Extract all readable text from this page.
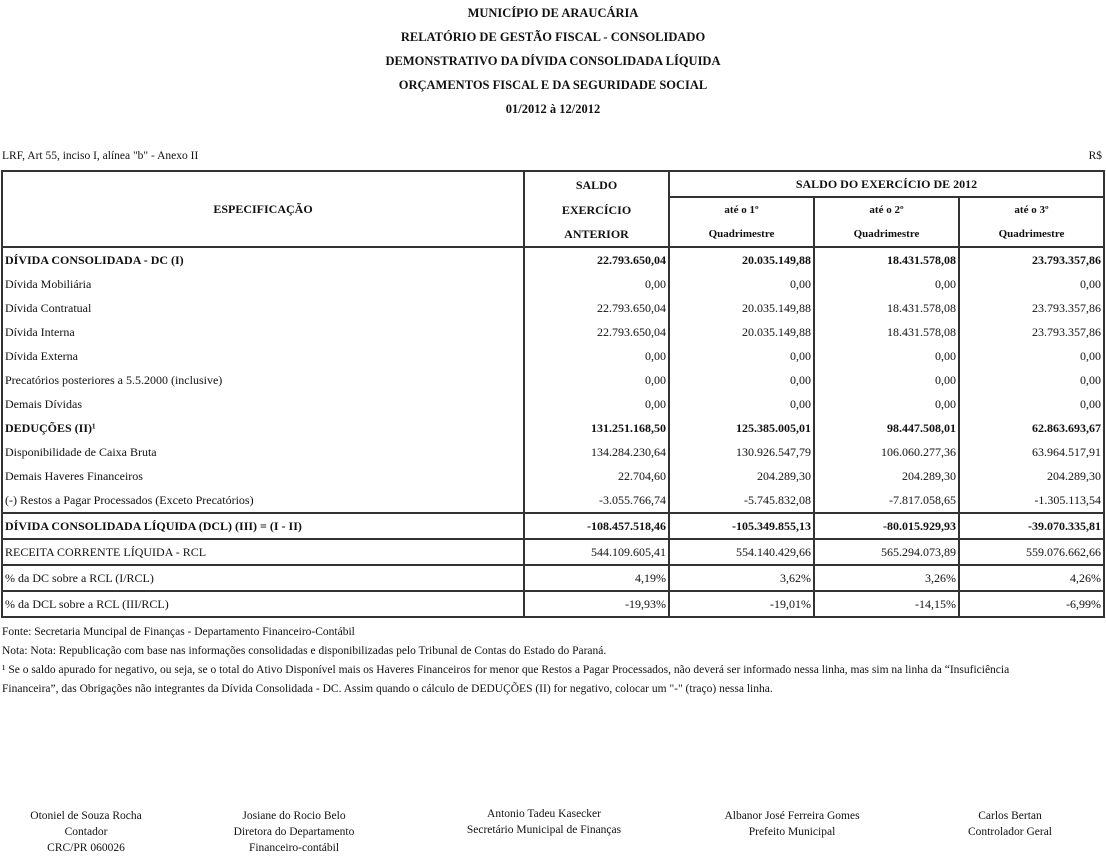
MUNICÍPIO DE ARAUCÁRIA
RELATÓRIO DE GESTÃO FISCAL - CONSOLIDADO
DEMONSTRATIVO DA DÍVIDA CONSOLIDADA LÍQUIDA
ORÇAMENTOS FISCAL E DA SEGURIDADE SOCIAL
01/2012 à 12/2012
LRF, Art 55, inciso I, alínea "b" - Anexo II	R$
ESPECIFICAÇÃO	SALDO	SALDO DO EXERCÍCIO DE 2012		
	EXERCÍCIO	até o 1º	até o 2º	até o 3º
	ANTERIOR	Quadrimestre	Quadrimestre	Quadrimestre
DÍVIDA CONSOLIDADA - DC (I)	22.793.650,04	20.035.149,88	18.431.578,08	23.793.357,86
Dívida Mobiliária	0,00	0,00	0,00	0,00
Dívida Contratual	22.793.650,04	20.035.149,88	18.431.578,08	23.793.357,86
Dívida Interna	22.793.650,04	20.035.149,88	18.431.578,08	23.793.357,86
Dívida Externa	0,00	0,00	0,00	0,00
Precatórios posteriores a 5.5.2000 (inclusive)	0,00	0,00	0,00	0,00
Demais Dívidas	0,00	0,00	0,00	0,00
DEDUÇÕES (II)¹	131.251.168,50	125.385.005,01	98.447.508,01	62.863.693,67
Disponibilidade de Caixa Bruta	134.284.230,64	130.926.547,79	106.060.277,36	63.964.517,91
Demais Haveres Financeiros	22.704,60	204.289,30	204.289,30	204.289,30
(-) Restos a Pagar Processados (Exceto Precatórios)	-3.055.766,74	-5.745.832,08	-7.817.058,65	-1.305.113,54
DÍVIDA CONSOLIDADA LÍQUIDA (DCL) (III) = (I - II)	-108.457.518,46	-105.349.855,13	-80.015.929,93	-39.070.335,81
RECEITA CORRENTE LÍQUIDA - RCL	544.109.605,41	554.140.429,66	565.294.073,89	559.076.662,66
% da DC sobre a RCL (I/RCL)	4,19%	3,62%	3,26%	4,26%
% da DCL sobre a RCL (III/RCL)	-19,93%	-19,01%	-14,15%	-6,99%
Fonte: Secretaria Muncipal de Finanças - Departamento Financeiro-Contábil
Nota: Nota: Republicação com base nas informações consolidadas e disponibilizadas pelo Tribunal de Contas do Estado do Paraná.
¹ Se o saldo apurado for negativo, ou seja, se o total do Ativo Disponível mais os Haveres Financeiros for menor que Restos a Pagar Processados, não deverá ser informado nessa linha, mas sim na linha da “Insuficiência
Financeira”, das Obrigações não integrantes da Dívida Consolidada - DC. Assim quando o cálculo de DEDUÇÕES (II) for negativo, colocar um "-" (traço) nessa linha.
Otoniel de Souza Rocha
Contador
CRC/PR 060026
Josiane do Rocio Belo
Diretora do Departamento
Financeiro-contábil
Antonio Tadeu Kasecker
Secretário Municipal de Finanças
Albanor José Ferreira Gomes
Prefeito Municipal
Carlos Bertan
Controlador Geral
